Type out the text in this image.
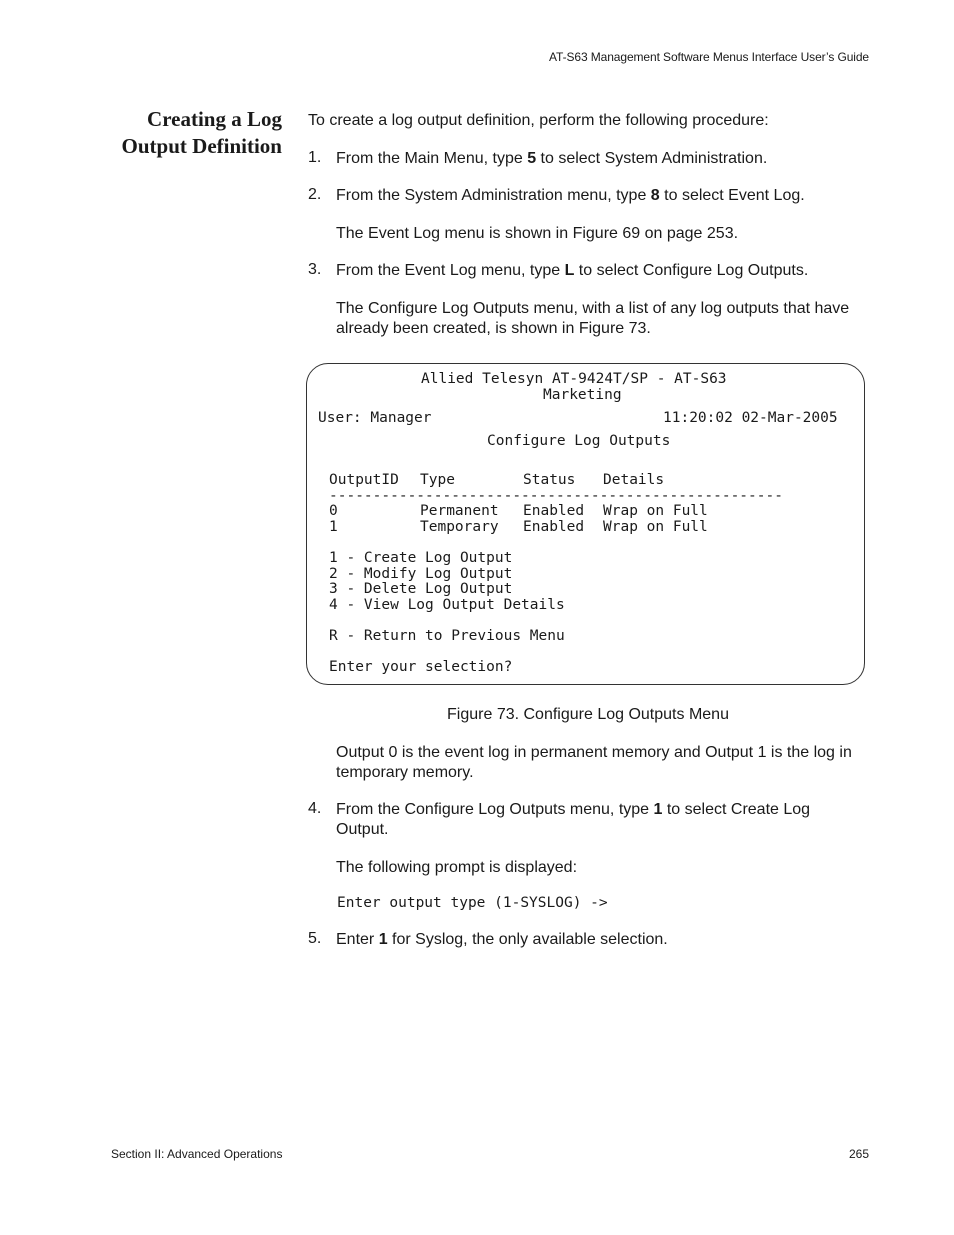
AT-S63 Management Software Menus Interface User’s Guide
Creating a Log
Output Definition
To create a log output definition, perform the following procedure:
1. From the Main Menu, type 5 to select System Administration.
2. From the System Administration menu, type 8 to select Event Log.
The Event Log menu is shown in Figure 69 on page 253.
3. From the Event Log menu, type L to select Configure Log Outputs.
The Configure Log Outputs menu, with a list of any log outputs that have already been created, is shown in Figure 73.
Allied Telesyn AT-9424T/SP - AT-S63
Marketing
User: Manager	11:20:02 02-Mar-2005
Configure Log Outputs
OutputID Type	Status Details
----------------------------------------------------
0	Permanent Enabled Wrap on Full
1	Temporary Enabled Wrap on Full
1 - Create Log Output
2 - Modify Log Output
3 - Delete Log Output
4 - View Log Output Details
R - Return to Previous Menu
Enter your selection?
Figure 73. Configure Log Outputs Menu
Output 0 is the event log in permanent memory and Output 1 is the log in temporary memory.
4. From the Configure Log Outputs menu, type 1 to select Create Log Output.
The following prompt is displayed:
Enter output type (1-SYSLOG) ->
5. Enter 1 for Syslog, the only available selection.
Section II: Advanced Operations	265
